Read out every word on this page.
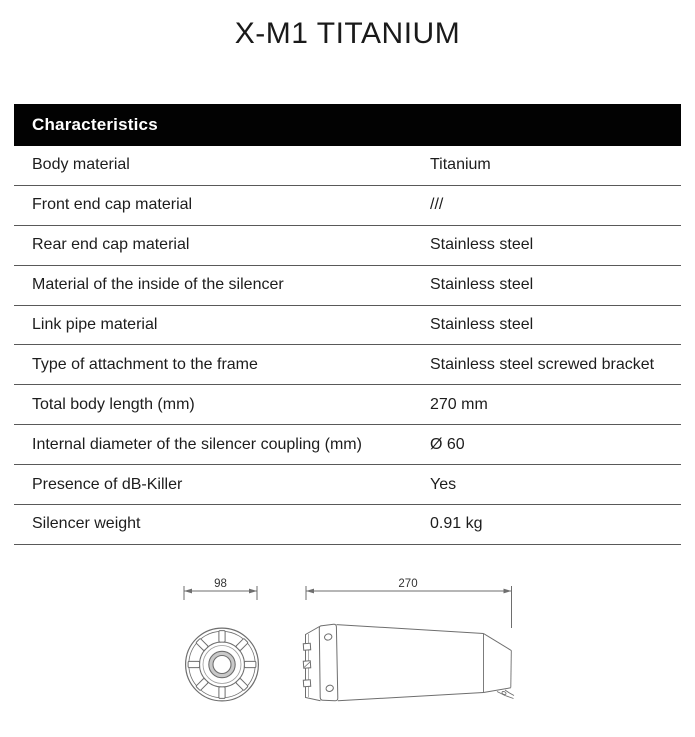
X-M1 TITANIUM
Characteristics
Body material	Titanium
Front end cap material	///
Rear end cap material	Stainless steel
Material of the inside of the silencer	Stainless steel
Link pipe material	Stainless steel
Type of attachment to the frame	Stainless steel screwed bracket
Total body length (mm)	270 mm
Internal diameter of the silencer coupling (mm)	Ø 60
Presence of dB-Killer	Yes
Silencer weight	0.91 kg
98	270
